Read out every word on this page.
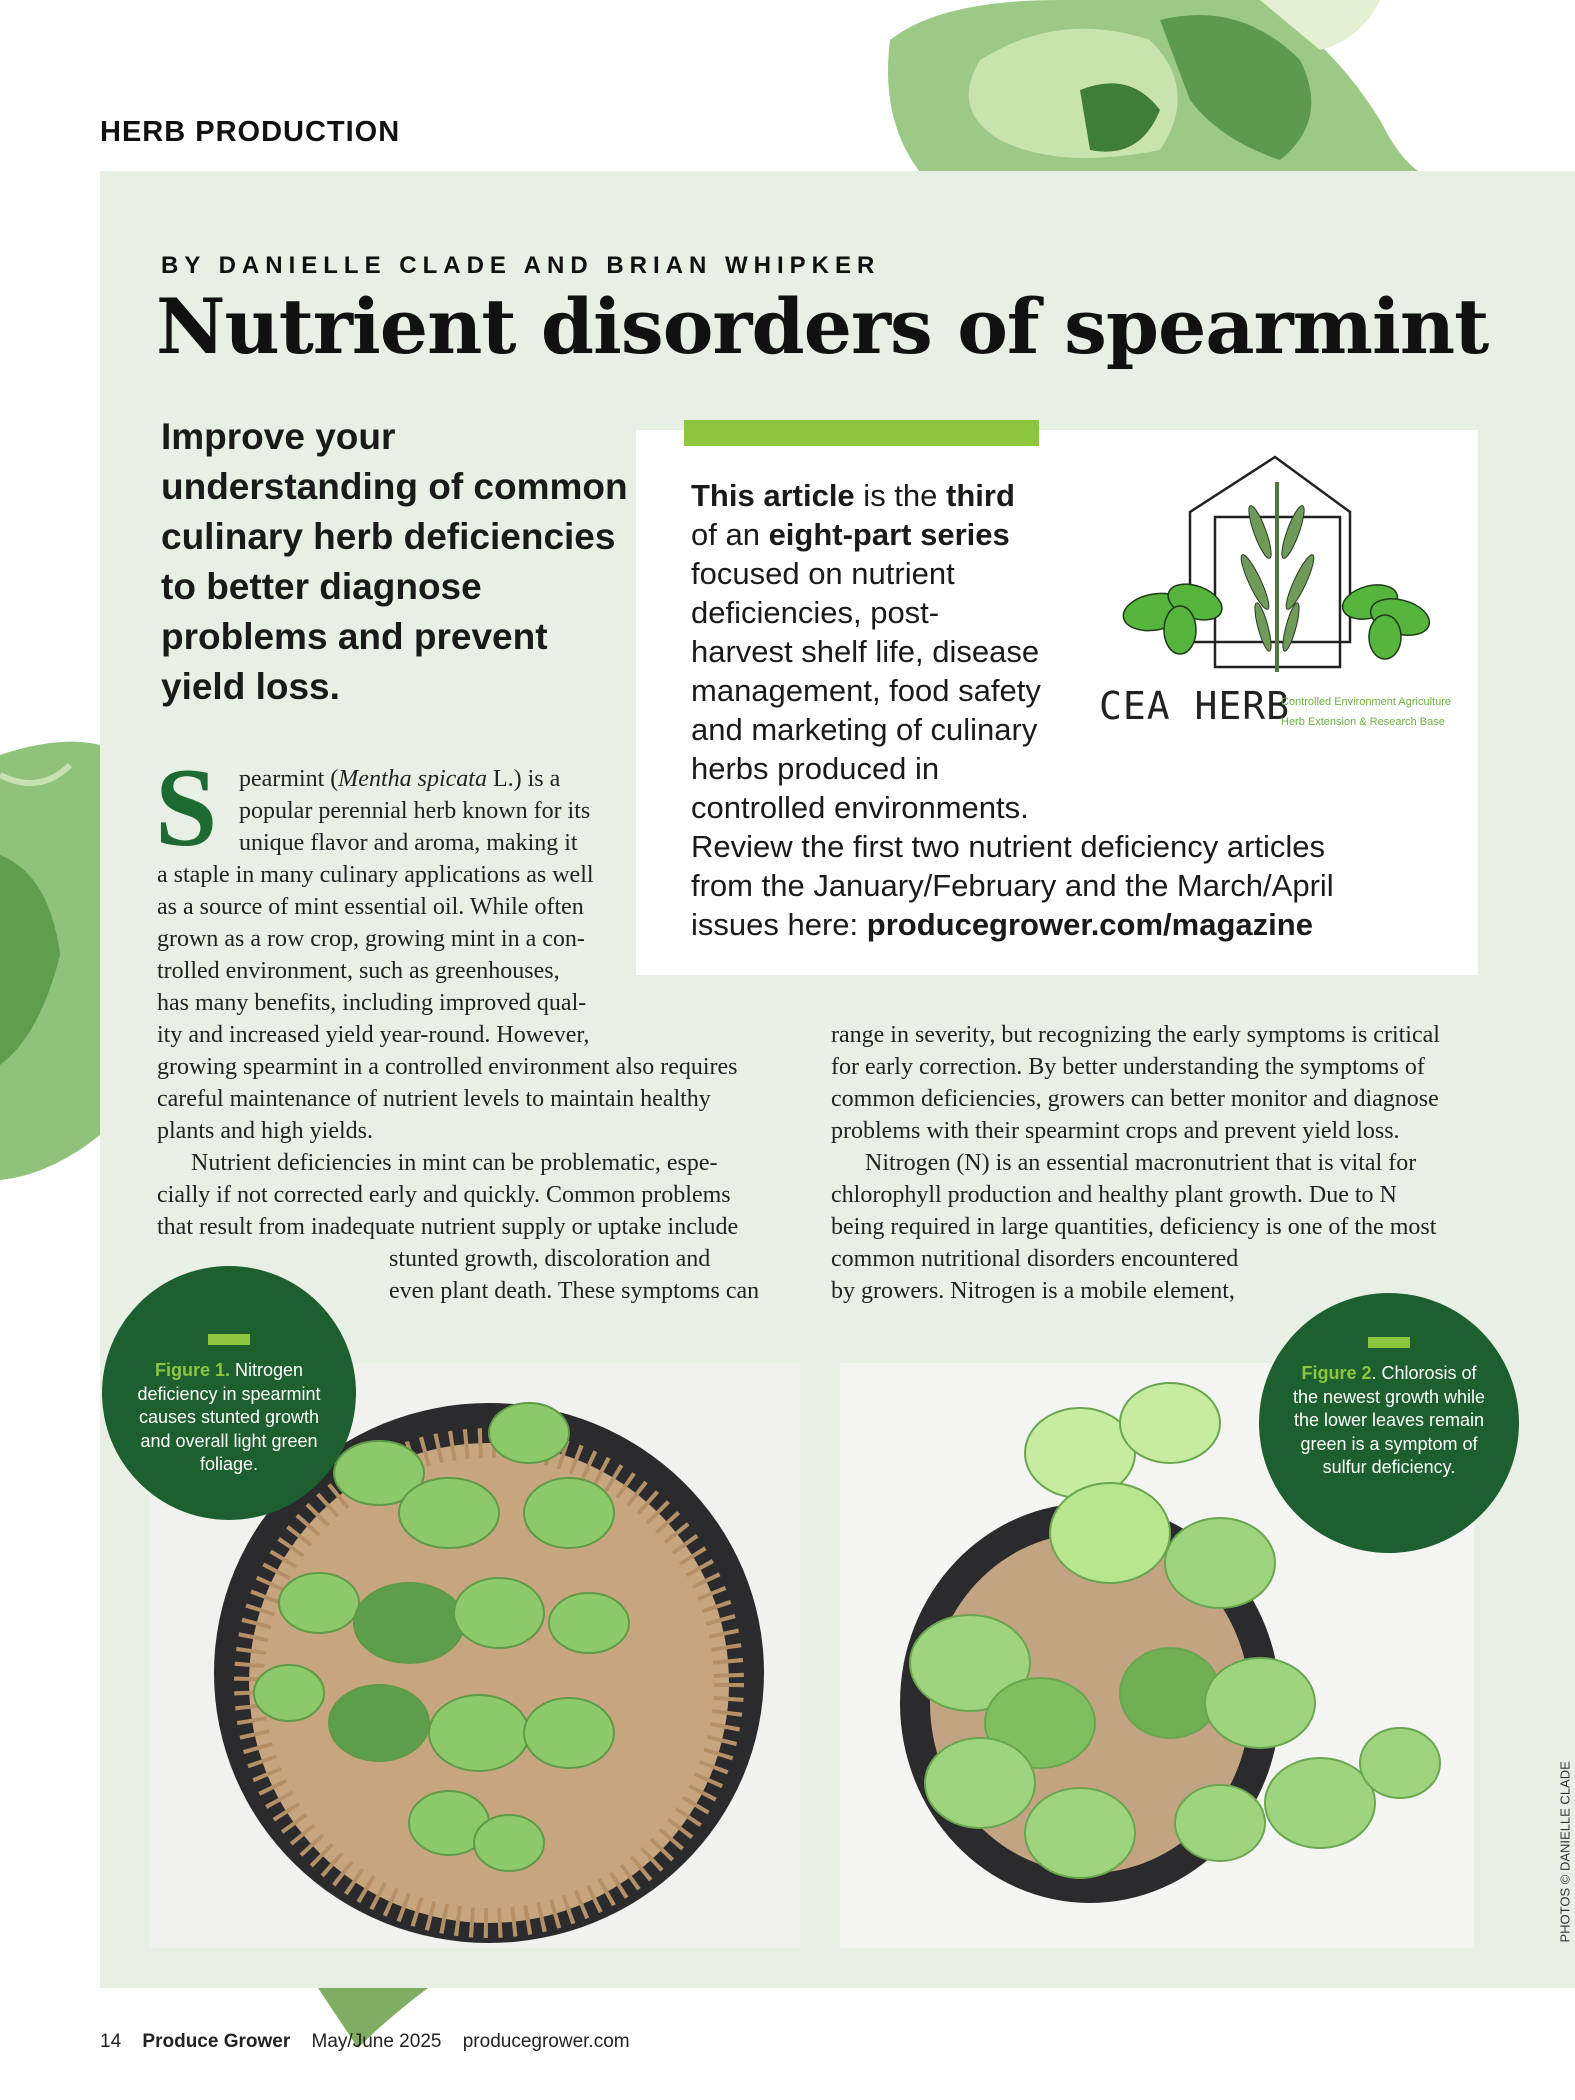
HERB PRODUCTION
BY DANIELLE CLADE AND BRIAN WHIPKER
Nutrient disorders of spearmint
Improve your understanding of common culinary herb deficiencies to better diagnose problems and prevent yield loss.
This article is the third
of an eight-part series
focused on nutrient
deficiencies, post-
harvest shelf life, disease
management, food safety
and marketing of culinary
herbs produced in
controlled environments.
Review the first two nutrient deficiency articles
from the January/February and the March/April
issues here: producegrower.com/magazine
CEA HERB
Controlled Environment Agriculture
Herb Extension & Research Base
S pearmint (Mentha spicata L.) is a
popular perennial herb known for its
unique flavor and aroma, making it
a staple in many culinary applications as well
as a source of mint essential oil. While often
grown as a row crop, growing mint in a con-
trolled environment, such as greenhouses,
has many benefits, including improved qual-
ity and increased yield year-round. However,
growing spearmint in a controlled environment also requires
careful maintenance of nutrient levels to maintain healthy
plants and high yields.
Nutrient deficiencies in mint can be problematic, espe-
cially if not corrected early and quickly. Common problems
that result from inadequate nutrient supply or uptake include
stunted growth, discoloration and
even plant death. These symptoms can
range in severity, but recognizing the early symptoms is critical
for early correction. By better understanding the symptoms of
common deficiencies, growers can better monitor and diagnose
problems with their spearmint crops and prevent yield loss.
Nitrogen (N) is an essential macronutrient that is vital for
chlorophyll production and healthy plant growth. Due to N
being required in large quantities, deficiency is one of the most
common nutritional disorders encountered
by growers. Nitrogen is a mobile element,
Figure 1. Nitrogen deficiency in spearmint causes stunted growth and overall light green foliage.
Figure 2. Chlorosis of the newest growth while the lower leaves remain green is a symptom of sulfur deficiency.
PHOTOS © DANIELLE CLADE
14 Produce Grower May/June 2025 producegrower.com
